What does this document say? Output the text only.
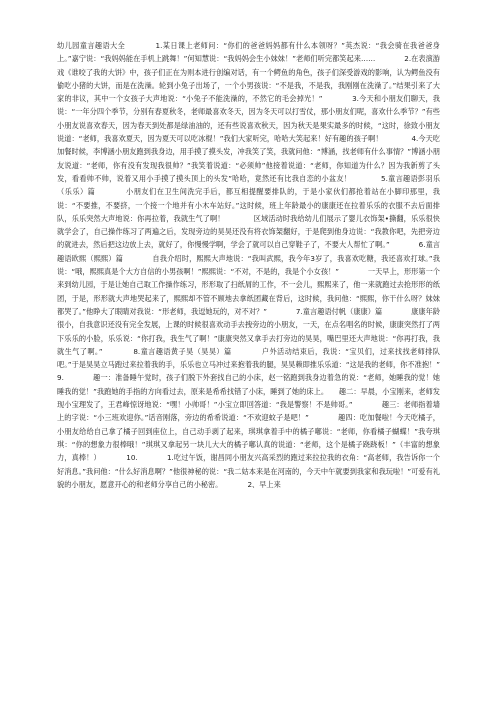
幼儿园童言趣语大全　　　　1.某日课上老师问：“你们的爸爸妈妈都有什么本领呀？”英杰说：“我会骑在我爸爸身上。”嘉宁说：“我妈妈能在手机上跳舞！”何知慧说：“我妈妈会生小妹妹！”老师们听完都笑起来……　　　　2.在表演游戏《谁咬了我的大饼》中，孩子们正在为则本进行创编对话，有一个鳄鱼的角色，孩子们深受游戏的影响，认为鳄鱼没有偷吃小猪的大饼，而是在洗澡。轮到小兔子出场了，一个小男孩说：“不是我，不是我，我刚刚在洗澡了。”结果引来了大家的非议，其中一个女孩子大声地说：“小兔子不能洗澡的，不然它的毛会掉光！”　　　　3.今天和小朋友们聊天，我说：“一年分四个季节，分别有春夏秋冬，老师最喜欢冬天，因为冬天可以打雪仗，那小朋友们呢，喜欢什么季节？”有些小朋友说喜欢春天，因为春天到处都是绿油油的，还有些说喜欢秋天，因为秋天是果实最多的时候，“这时，徐致小朋友说道：“老师，我喜欢夏天，因为夏天可以吃冰棍！”我们大家听完，哈哈大笑起来！好有趣的孩子啊！　　　　4.今天吃加餐时候，李博涵小朋友跑到我身边，用手摸了摸头发，冲我笑了笑，我就问他：“博涵，找老师有什么事情？”博涵小朋友说道：“老师，你有没有发现我很帅？”我笑着说道：“必须帅”他接着说道：“老师，你知道为什么？因为我新剪了头发，看看帅不帅，说着又用小手摸了摸头顶上的头发”哈哈，竟然还有比我自恋的小盆友！　　　　5.童言趣语彭羽乐（乐乐）篇　　　　小朋友们在卫生间洗完手后，都互相提醒要排队的，于是小家伙们都抢着站在小脚印那里，我说：“不要推，不要挤，一个接一个地并有小木车站好。”这时候，班上年龄最小的康康还在拉着乐乐的衣服不去后面排队，乐乐突然大声地说：你再拉着，我就生气了啊！　　　　区域活动时我给幼儿们展示了婴儿衣饰架•撕翻，乐乐很快就学会了，自己操作练习了两遍之后，发现旁边的昊昊还没有将衣饰架翻好，于是爬到他身边说：“我教你吧，先把旁边的就进去，然后把这边放上去，就好了，你慢慢学啊，学会了就可以自己穿鞋子了，不要大人帮忙了啊。”　　　　6.童言趣语欧熙（熙熙）篇　　　　自我介绍时，熙熙大声地说：“我叫武熙，我今年3岁了，我喜欢吃糖，我还喜欢打球。”我说：“哦，熙熙真是个大方自信的小男孩啊！”熙熙说：“不对，不是的，我是个小女孩！”　　　　一天早上，形形第一个来到幼儿园，于是让她自己取工作操作练习，形形取了扫纸屑的工作，不一会儿，熙熙来了，他一来就跑过去抢形形的纸团，于是，形形就大声地哭起来了，熙熙却不管不顾地去拿纸团藏在背后，这时候，我问他：“熙熙，你干什么呀？妹妹都哭了。”他睁大了眼睛对我说：“形老师，我逗她玩的，对不对？”　　　　7.童言趣语付帆（康康）篇　　　　康康年龄很小，自我意识还没有完全发展，上课的时候很喜欢动手去拽旁边的小朋友，一天，在点名唱名的时候，康康突然打了两下乐乐的小脸，乐乐说：“你打我，我生气了啊！”康康突然又拿手去打旁边的昊昊，嘴巴里还大声地说：“你再打我，我就生气了啊。”　　　　8.童言趣语黄子昊（昊昊）篇　　　　户外活动结束后，我说：“宝贝们，过来找找老师排队吧。”于是昊昊立马跑过来拉着我的手，乐乐也立马冲过来抱着我的腿，昊昊赖即推乐乐道：“这是我的老师，你不准抱！”　　　　9.　　　　趣一：准备睡午觉时，孩子们脱下外套找自己的小床，赵一铭跑到我身边着急的说：“老师，她睡我的觉！她睡我的觉！”我跑她的手指的方向看过去，原来是希希找错了小床，睡到了她的床上。　　趣二：早晨，小宝刚来，老师发现小宝理发了，王君峰惊讶地说：“嘿！小帅哥！”小宝立即回答道：“我是警察！不是帅哥。”　　　　趣三：老师指着墙上的字说：“小三班欢迎你。”话音刚落，旁边的希希说道：“不欢迎蚊子是吧！”　　　　趣四：吃加餐啦！今天吃橘子，小朋友给给自己拿了橘子回到座位上，自己动手剥了起来，琪琪拿着手中的橘子嘟说：“老师，你看橘子蝴蝶！”我夸琪琪：“你的想象力很棒哦！”琪琪又拿起另一块儿大大的橘子嘟认真的说道：“老师，这个是橘子跷跷板！”（丰富的想象力，真棒！）　　　　10.　　　　1.吃过午饭，谢昌同小朋友兴高采烈的跑过来拉拉我的衣角：“高老师，我告诉你一个好消息。”我问他：“什么好消息啊？”他很神秘的说：“我二姑本来是在河南的，今天中午就要到我家和我玩啦！”可爱有礼貌的小朋友，愿意开心的和老师分享自己的小秘密。　　　　2、早上来
